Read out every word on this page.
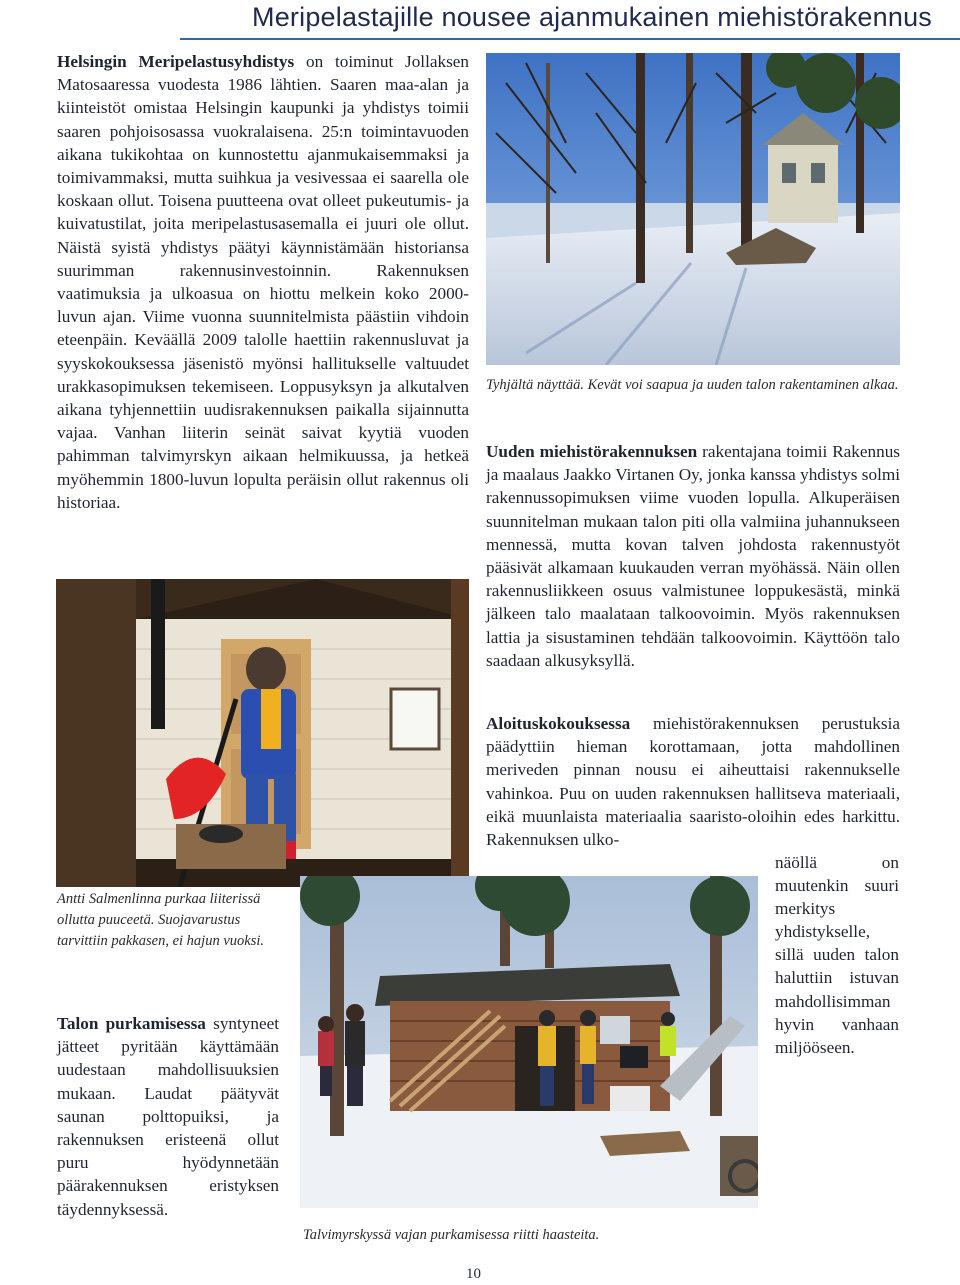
Meripelastajille nousee ajanmukainen miehistörakennus

Helsingin Meripelastusyhdistys on toiminut Jollaksen Matosaaressa vuodesta 1986 lähtien. Saaren maa-alan ja kiinteistöt omistaa Helsingin kaupunki ja yhdistys toimii saaren pohjoisosassa vuokralaisena. 25:n toimintavuoden aikana tukikohtaa on kunnostettu ajanmukaisemmaksi ja toimivammaksi, mutta suihkua ja vesivessaa ei saarella ole koskaan ollut. Toisena puutteena ovat olleet pukeutumis- ja kuivatustilat, joita meripelastusasemalla ei juuri ole ollut. Näistä syistä yhdistys päätyi käynnistämään historiansa suurimman rakennusinvestoinnin. Rakennuksen vaatimuksia ja ulkoasua on hiottu melkein koko 2000-luvun ajan. Viime vuonna suunnitelmista päästiin vihdoin eteenpäin. Keväällä 2009 talolle haettiin rakennusluvat ja syyskokouksessa jäsenistö myönsi hallitukselle valtuudet urakkasopimuksen tekemiseen. Loppusyksyn ja alkutalven aikana tyhjennettiin uudisrakennuksen paikalla sijainnutta vajaa. Vanhan liiterin seinät saivat kyytiä vuoden pahimman talvimyrskyn aikaan helmikuussa, ja hetkeä myöhemmin 1800-luvun lopulta peräisin ollut rakennus oli historiaa.

Tyhjältä näyttää. Kevät voi saapua ja uuden talon rakentaminen alkaa.

Uuden miehistörakennuksen rakentajana toimii Rakennus ja maalaus Jaakko Virtanen Oy, jonka kanssa yhdistys solmi rakennussopimuksen viime vuoden lopulla. Alkuperäisen suunnitelman mukaan talon piti olla valmiina juhannukseen mennessä, mutta kovan talven johdosta rakennustyöt pääsivät alkamaan kuukauden verran myöhässä. Näin ollen rakennusliikkeen osuus valmistunee loppukesästä, minkä jälkeen talo maalataan talkoovoimin. Myös rakennuksen lattia ja sisustaminen tehdään talkoovoimin. Käyttöön talo saadaan alkusyksyllä.

Aloituskokouksessa miehistörakennuksen perustuksia päädyttiin hieman korottamaan, jotta mahdollinen meriveden pinnan nousu ei aiheuttaisi rakennukselle vahinkoa. Puu on uuden rakennuksen hallitseva materiaali, eikä muunlaista materiaalia saaristo-oloihin edes harkittu. Rakennuksen ulko-

näöllä on muutenkin suuri merkitys yhdistykselle, sillä uuden talon haluttiin istuvan mahdollisimman hyvin vanhaan miljööseen.

Antti Salmenlinna purkaa liiterissä ollutta puuceetä. Suojavarustus tarvittiin pakkasen, ei hajun vuoksi.

Talon purkamisessa syntyneet jätteet pyritään käyttämään uudestaan mahdollisuuksien mukaan. Laudat päätyvät saunan polttopuiksi, ja rakennuksen eristeenä ollut puru hyödynnetään päärakennuksen eristyksen täydennyksessä.

Talvimyrskyssä vajan purkamisessa riitti haasteita.

10
